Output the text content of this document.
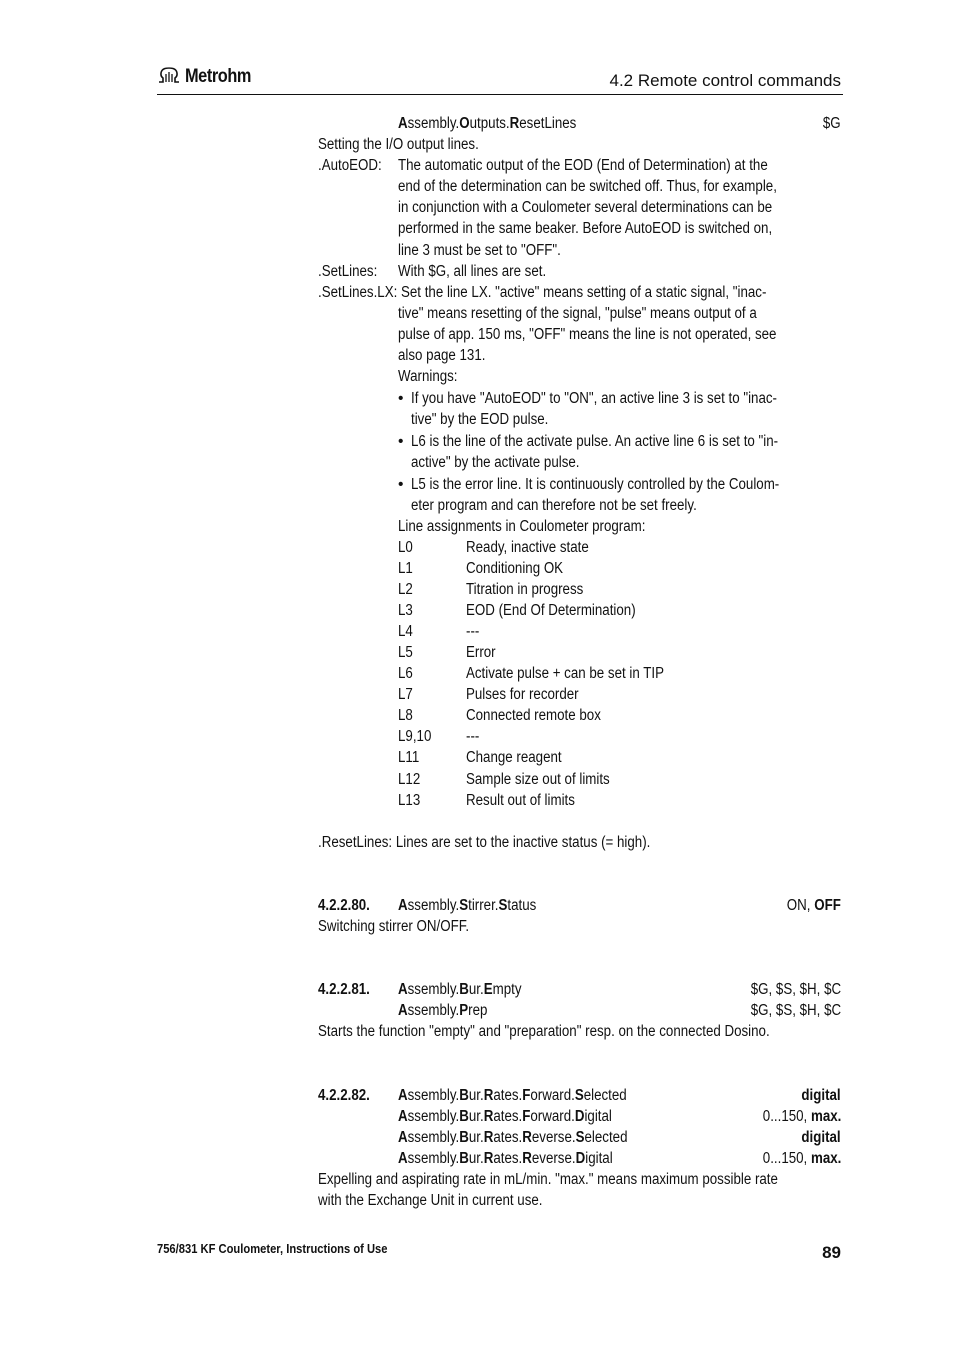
Metrohm	4.2 Remote control commands
Assembly.Outputs.ResetLines	$G
Setting the I/O output lines.
.AutoEOD:	The automatic output of the EOD (End of Determination) at the
end of the determination can be switched off. Thus, for example,
in conjunction with a Coulometer several determinations can be
performed in the same beaker. Before AutoEOD is switched on,
line 3 must be set to "OFF".
.SetLines:	With $G, all lines are set.
.SetLines.LX: Set the line LX. "active" means setting of a static signal, "inac-
tive" means resetting of the signal, "pulse" means output of a
pulse of app. 150 ms, "OFF" means the line is not operated, see
also page 131.
Warnings:
• If you have "AutoEOD" to "ON", an active line 3 is set to "inac-
tive" by the EOD pulse.
• L6 is the line of the activate pulse. An active line 6 is set to "in-
active" by the activate pulse.
• L5 is the error line. It is continuously controlled by the Coulom-
eter program and can therefore not be set freely.
Line assignments in Coulometer program:
L0	Ready, inactive state
L1	Conditioning OK
L2	Titration in progress
L3	EOD (End Of Determination)
L4	---
L5	Error
L6	Activate pulse + can be set in TIP
L7	Pulses for recorder
L8	Connected remote box
L9,10	---
L11	Change reagent
L12	Sample size out of limits
L13	Result out of limits
.ResetLines: Lines are set to the inactive status (= high).
4.2.2.80.	Assembly.Stirrer.Status	ON, OFF
Switching stirrer ON/OFF.
4.2.2.81.	Assembly.Bur.Empty	$G, $S, $H, $C
Assembly.Prep	$G, $S, $H, $C
Starts the function "empty" and "preparation" resp. on the connected Dosino.
4.2.2.82.	Assembly.Bur.Rates.Forward.Selected	digital
Assembly.Bur.Rates.Forward.Digital	0...150, max.
Assembly.Bur.Rates.Reverse.Selected	digital
Assembly.Bur.Rates.Reverse.Digital	0...150, max.
Expelling and aspirating rate in mL/min. "max." means maximum possible rate
with the Exchange Unit in current use.
756/831 KF Coulometer, Instructions of Use	89
